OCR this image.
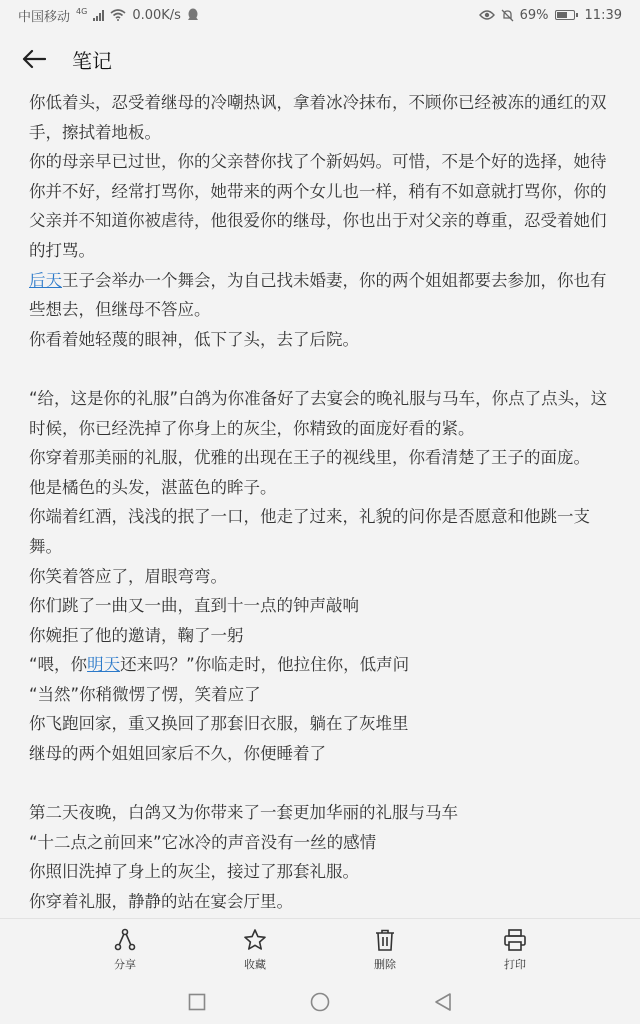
中国移动 4G	0.00K/s	69%	11:39
笔记

你低着头，忍受着继母的冷嘲热讽，拿着冰冷抹布，不顾你已经被冻的通红的双手，擦拭着地板。

你的母亲早已过世，你的父亲替你找了个新妈妈。可惜，不是个好的选择，她待你并不好，经常打骂你，她带来的两个女儿也一样，稍有不如意就打骂你，你的父亲并不知道你被虐待，他很爱你的继母，你也出于对父亲的尊重，忍受着她们的打骂。

后天王子会举办一个舞会，为自己找未婚妻，你的两个姐姐都要去参加，你也有些想去，但继母不答应。

你看着她轻蔑的眼神，低下了头，去了后院。

“给，这是你的礼服”白鸽为你准备好了去宴会的晚礼服与马车，你点了点头，这时候，你已经洗掉了你身上的灰尘，你精致的面庞好看的紧。

你穿着那美丽的礼服，优雅的出现在王子的视线里，你看清楚了王子的面庞。

他是橘色的头发，湛蓝色的眸子。

你端着红酒，浅浅的抿了一口，他走了过来，礼貌的问你是否愿意和他跳一支舞。

你笑着答应了，眉眼弯弯。

你们跳了一曲又一曲，直到十一点的钟声敲响

你婉拒了他的邀请，鞠了一躬

“喂，你明天还来吗？”你临走时，他拉住你，低声问

“当然”你稍微愣了愣，笑着应了

你飞跑回家，重又换回了那套旧衣服，躺在了灰堆里

继母的两个姐姐回家后不久，你便睡着了

第二天夜晚，白鸽又为你带来了一套更加华丽的礼服与马车

“十二点之前回来”它冰冷的声音没有一丝的感情

你照旧洗掉了身上的灰尘，接过了那套礼服。

你穿着礼服，静静的站在宴会厅里。

分享	收藏	删除	打印
